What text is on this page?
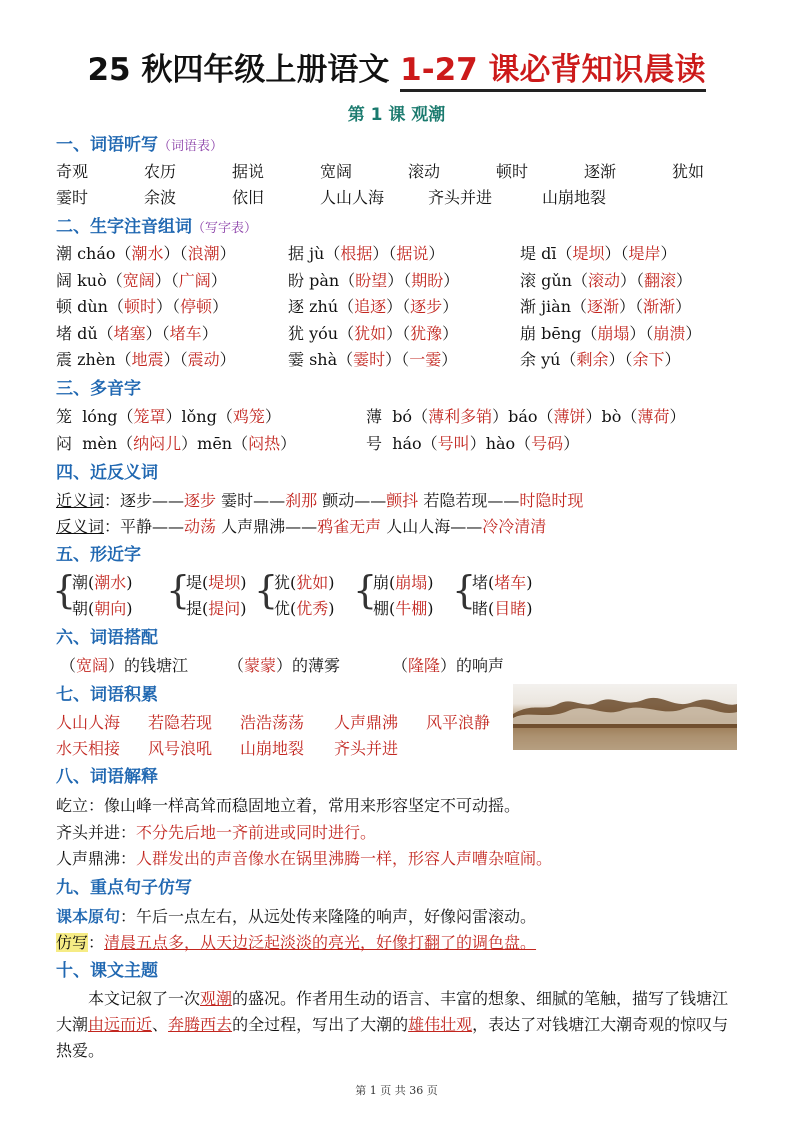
25 秋四年级上册语文 1-27 课必背知识晨读
第 1 课 观潮
一、词语听写（词语表）
奇观	农历	据说	宽阔	滚动	顿时	逐渐	犹如
霎时	余波	依旧	人山人海	齐头并进	山崩地裂
二、生字注音组词（写字表）
潮 cháo（潮水）（浪潮）	据 jù（根据）（据说）	堤 dī（堤坝）（堤岸）
阔 kuò（宽阔）（广阔）	盼 pàn（盼望）（期盼）	滚 gǔn（滚动）（翻滚）
顿 dùn（顿时）（停顿）	逐 zhú（追逐）（逐步）	渐 jiàn（逐渐）（渐渐）
堵 dǔ（堵塞）（堵车）	犹 yóu（犹如）（犹豫）	崩 bēng（崩塌）（崩溃）
震 zhèn（地震）（震动）	霎 shà（霎时）（一霎）	余 yú（剩余）（余下）
三、多音字
笼 lóng（笼罩）lǒng（鸡笼）	薄 bó（薄利多销）báo（薄饼）bò（薄荷）
闷 mèn（纳闷儿）mēn（闷热）	号 háo（号叫）hào（号码）
四、近反义词
近义词：逐步——逐步 霎时——刹那 颤动——颤抖 若隐若现——时隐时现
反义词：平静——动荡 人声鼎沸——鸦雀无声 人山人海——冷冷清清
五、形近字
{
潮(潮水)
朝(朝向) {
堤(堤坝)
提(提问) {
犹(犹如)
优(优秀) {
崩(崩塌)
棚(牛棚) {
堵(堵车)
睹(目睹)
六、词语搭配
（宽阔）的钱塘江 （蒙蒙）的薄雾	（隆隆）的响声
七、词语积累
人山人海 若隐若现 浩浩荡荡 人声鼎沸 风平浪静
水天相接 风号浪吼 山崩地裂 齐头并进
八、词语解释
屹立：像山峰一样高耸而稳固地立着，常用来形容坚定不可动摇。
齐头并进：不分先后地一齐前进或同时进行。
人声鼎沸：人群发出的声音像水在锅里沸腾一样，形容人声嘈杂喧闹。
九、重点句子仿写
课本原句：午后一点左右，从远处传来隆隆的响声，好像闷雷滚动。
仿写：清晨五点多，从天边泛起淡淡的亮光，好像打翻了的调色盘。
十、课文主题
本文记叙了一次观潮的盛况。作者用生动的语言、丰富的想象、细腻的笔触，描写了钱塘江大潮由远而近、奔腾西去的全过程，写出了大潮的雄伟壮观，表达了对钱塘江大潮奇观的惊叹与热爱。
第 1 页 共 36 页
